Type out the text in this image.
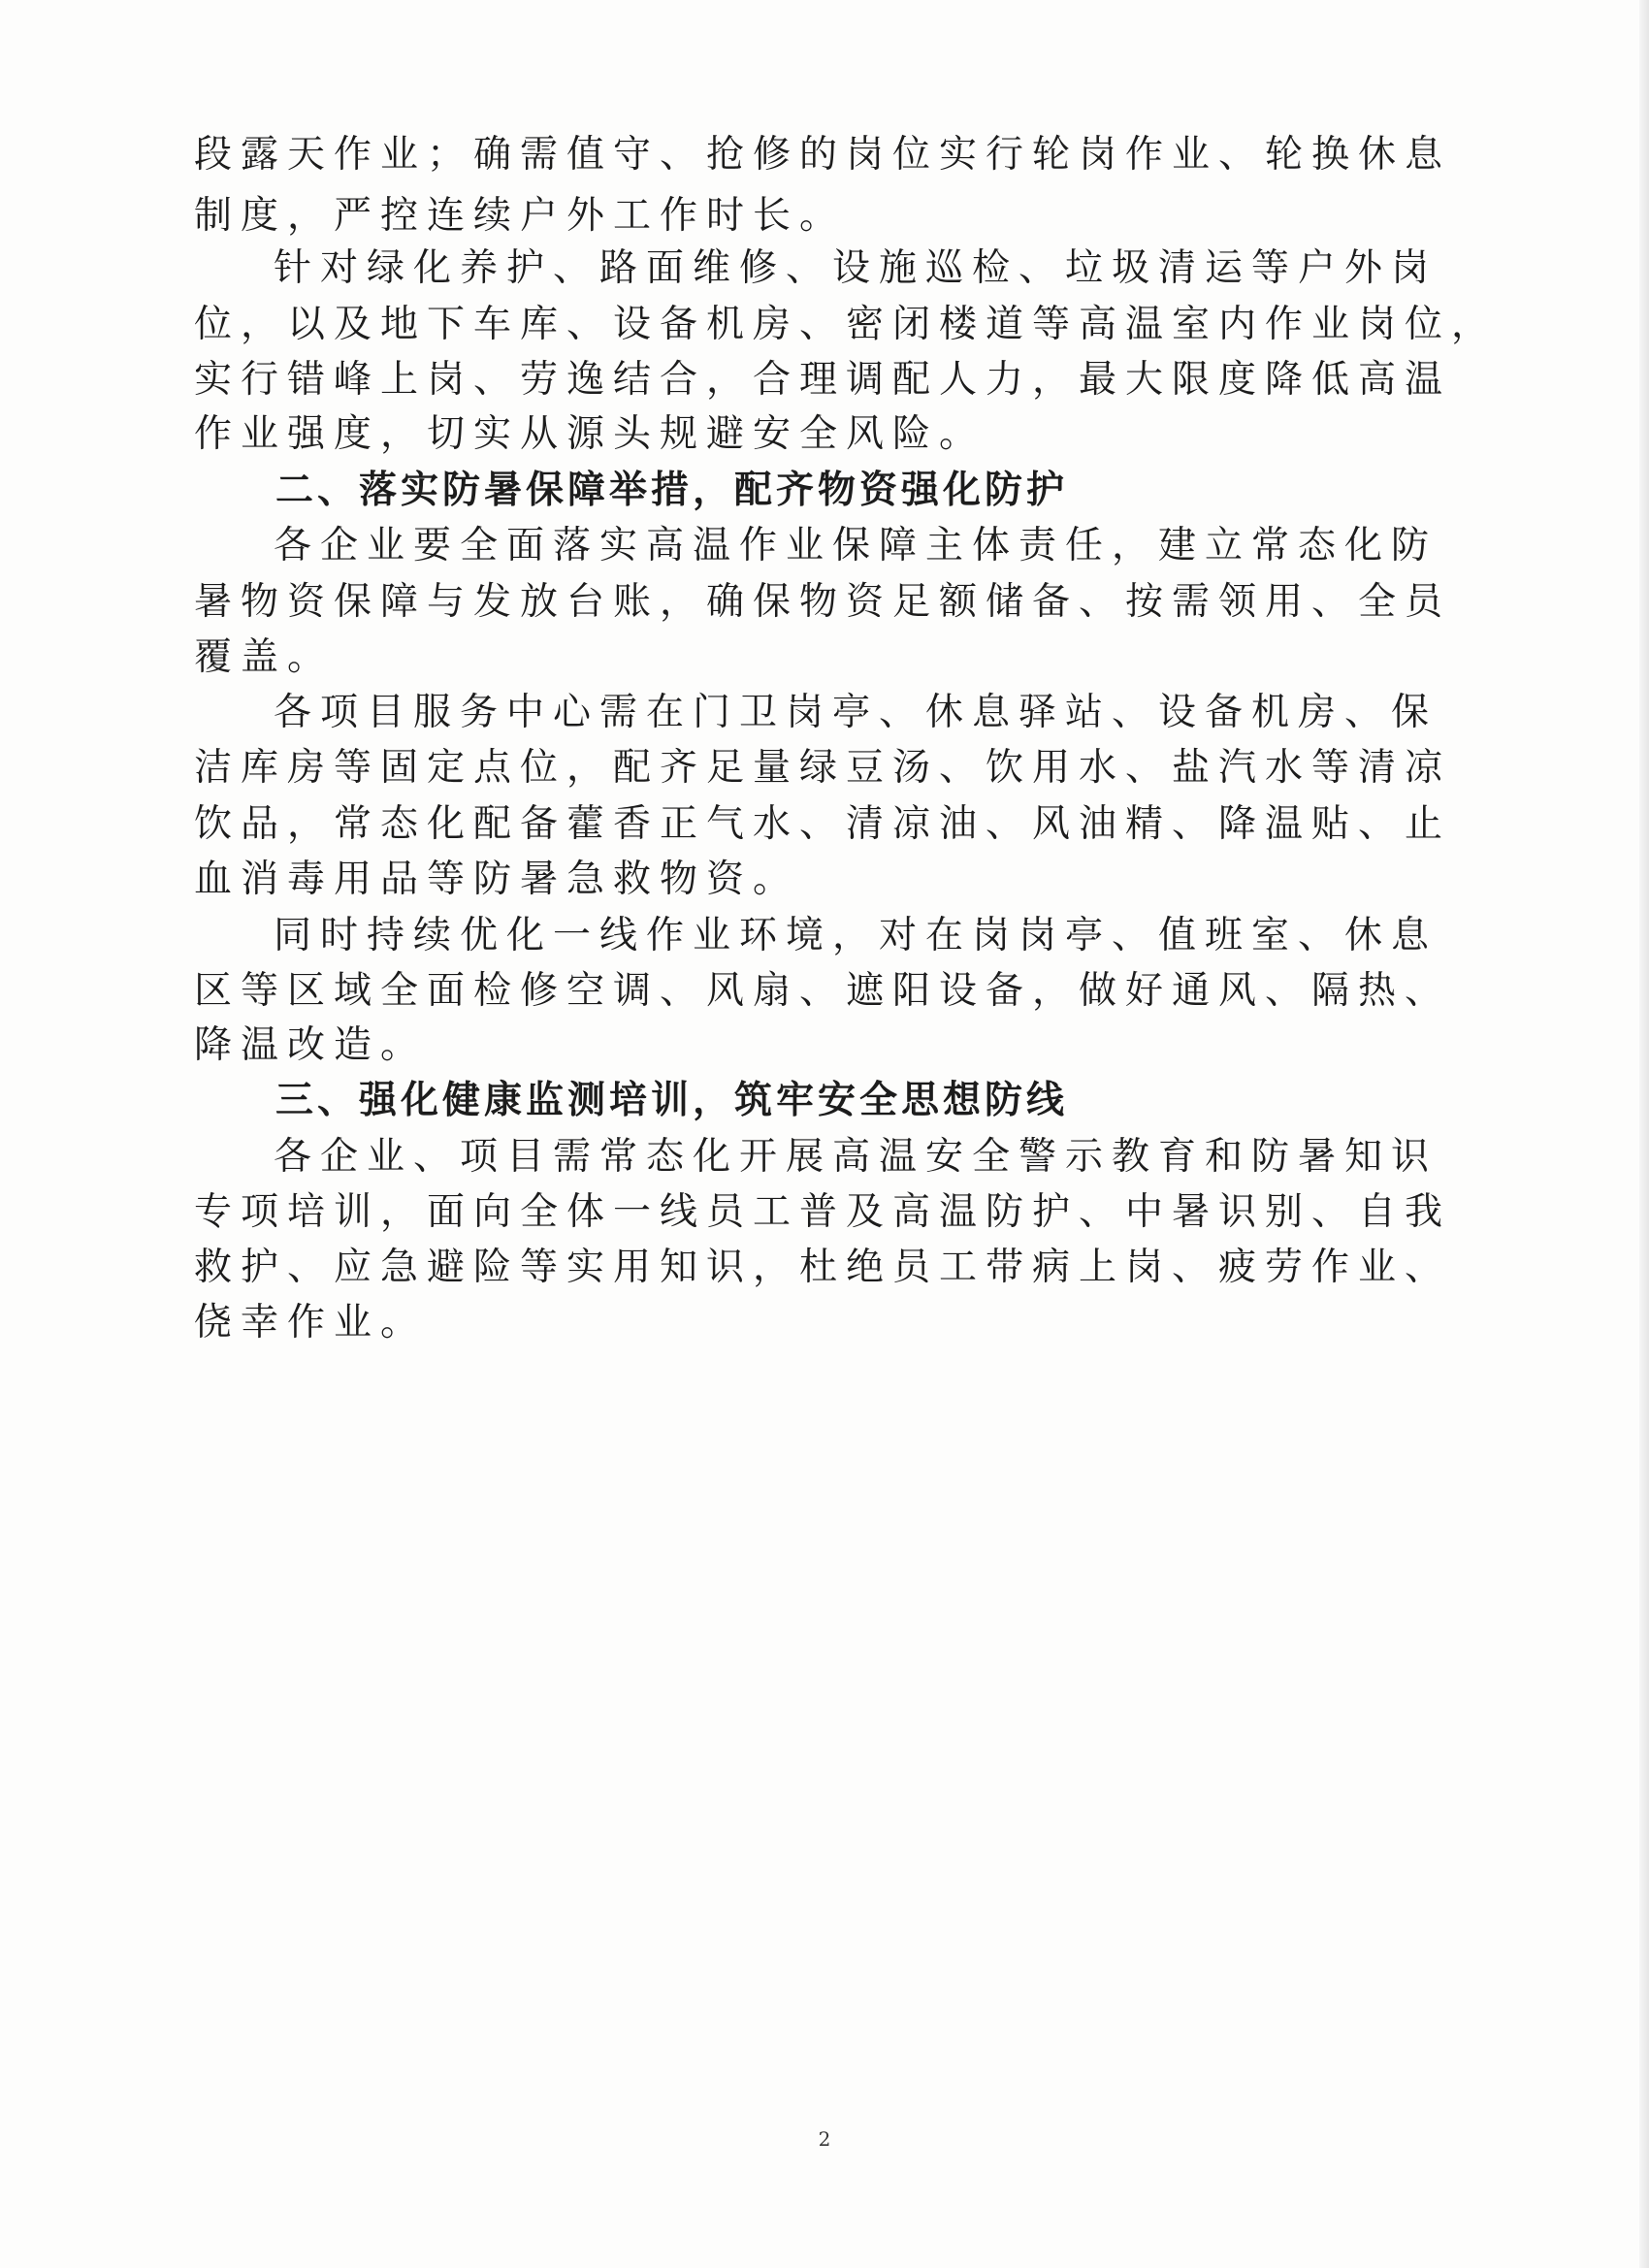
段露天作业；确需值守、抢修的岗位实行轮岗作业、轮换休息

制度，严控连续户外工作时长。

针对绿化养护、路面维修、设施巡检、垃圾清运等户外岗

位，以及地下车库、设备机房、密闭楼道等高温室内作业岗位，

实行错峰上岗、劳逸结合，合理调配人力，最大限度降低高温

作业强度，切实从源头规避安全风险。

二、落实防暑保障举措，配齐物资强化防护

各企业要全面落实高温作业保障主体责任，建立常态化防

暑物资保障与发放台账，确保物资足额储备、按需领用、全员

覆盖。

各项目服务中心需在门卫岗亭、休息驿站、设备机房、保

洁库房等固定点位，配齐足量绿豆汤、饮用水、盐汽水等清凉

饮品，常态化配备藿香正气水、清凉油、风油精、降温贴、止

血消毒用品等防暑急救物资。

同时持续优化一线作业环境，对在岗岗亭、值班室、休息

区等区域全面检修空调、风扇、遮阳设备，做好通风、隔热、

降温改造。

三、强化健康监测培训，筑牢安全思想防线

各企业、项目需常态化开展高温安全警示教育和防暑知识

专项培训，面向全体一线员工普及高温防护、中暑识别、自我

救护、应急避险等实用知识，杜绝员工带病上岗、疲劳作业、

侥幸作业。

2
